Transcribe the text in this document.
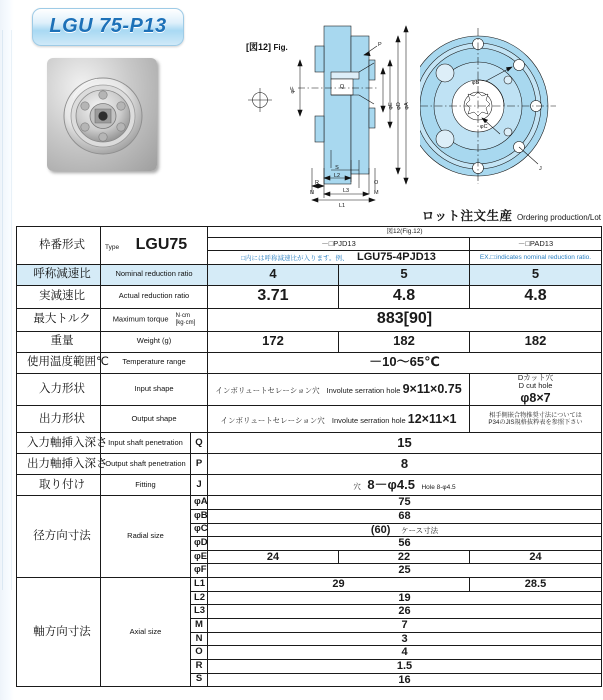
LGU 75-P13
[図12] Fig.
φA
φD
φE
φF
P
Q
S
R
N
L2
L3
L1
O
M
φB
φC
J
ロット注文生産 Ordering production/Lot
枠番形式	Type LGU75		図12(Fig.12)		
			－□PJD13		－□PAD13
			□内には呼称減速比が入ります。例、 LGU75-4PJD13		EX.□:indicates nominal reduction ratio.
呼称減速比	Nominal reduction ratio		4	5	5
実減速比	Actual reduction ratio		3.71	4.8	4.8
最大トルク	Maximum torque N·cm
[kg·cm]		883[90]		
重量	Weight (g)		172	182	182
使用温度範囲℃	Temperature range		－10～65℃		
入力形状	Input shape		インボリュートセレーション穴 Involute serration hole 9×11×0.75		Dカット穴
D cut hole
φ8×7

出力形状	Output shape		インボリュートセレーション穴 Involute serration hole 12×11×1		相手側嵌合物推奨寸法については
P34のJIS規格抜粋表を参照下さい

入力軸挿入深さ	Input shaft penetration	Q	15		
出力軸挿入深さ	Output shaft penetration	P	8		
取り付け	Fitting	J	穴 8－φ4.5 Hole 8-φ4.5		
径方向寸法	Radial size	φA	75		
		φB	68		
		φC	(60) ケース寸法		
		φD	56		
		φE	24	22	24
		φF	25		
軸方向寸法	Axial size	L1	29		28.5
		L2	19		
		L3	26		
		M	7		
		N	3		
		O	4		
		R	1.5		
		S	16		
